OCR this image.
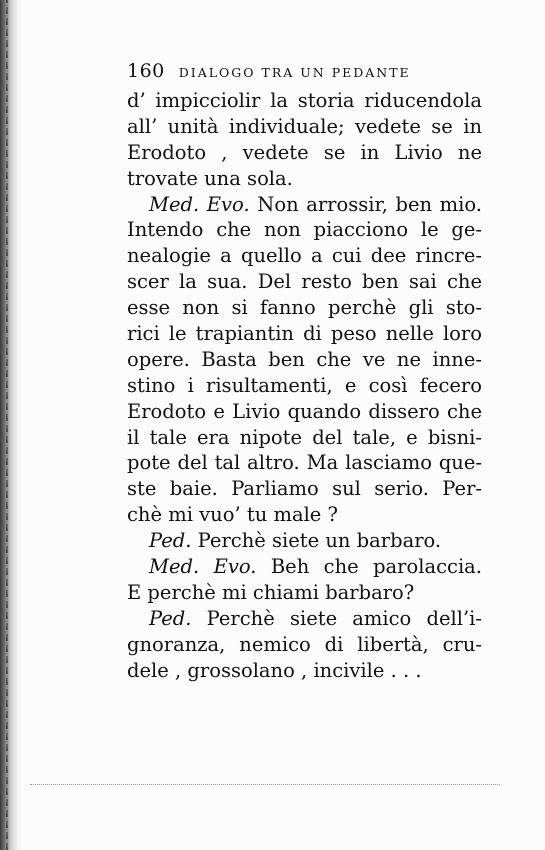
160 DIALOGO TRA UN PEDANTE
d’ impicciolir la storia riducendola
all’ unità individuale; vedete se in
Erodoto , vedete se in Livio ne
trovate una sola.
Med. Evo. Non arrossir, ben mio.
Intendo che non piacciono le ge-
nealogie a quello a cui dee rincre-
scer la sua. Del resto ben sai che
esse non si fanno perchè gli sto-
rici le trapiantin di peso nelle loro
opere. Basta ben che ve ne inne-
stino i risultamenti, e così fecero
Erodoto e Livio quando dissero che
il tale era nipote del tale, e bisni-
pote del tal altro. Ma lasciamo que-
ste baie. Parliamo sul serio. Per-
chè mi vuo’ tu male ?
Ped. Perchè siete un barbaro.
Med. Evo. Beh che parolaccia.
E perchè mi chiami barbaro?
Ped. Perchè siete amico dell’i-
gnoranza, nemico di libertà, cru-
dele , grossolano , incivile . . .
